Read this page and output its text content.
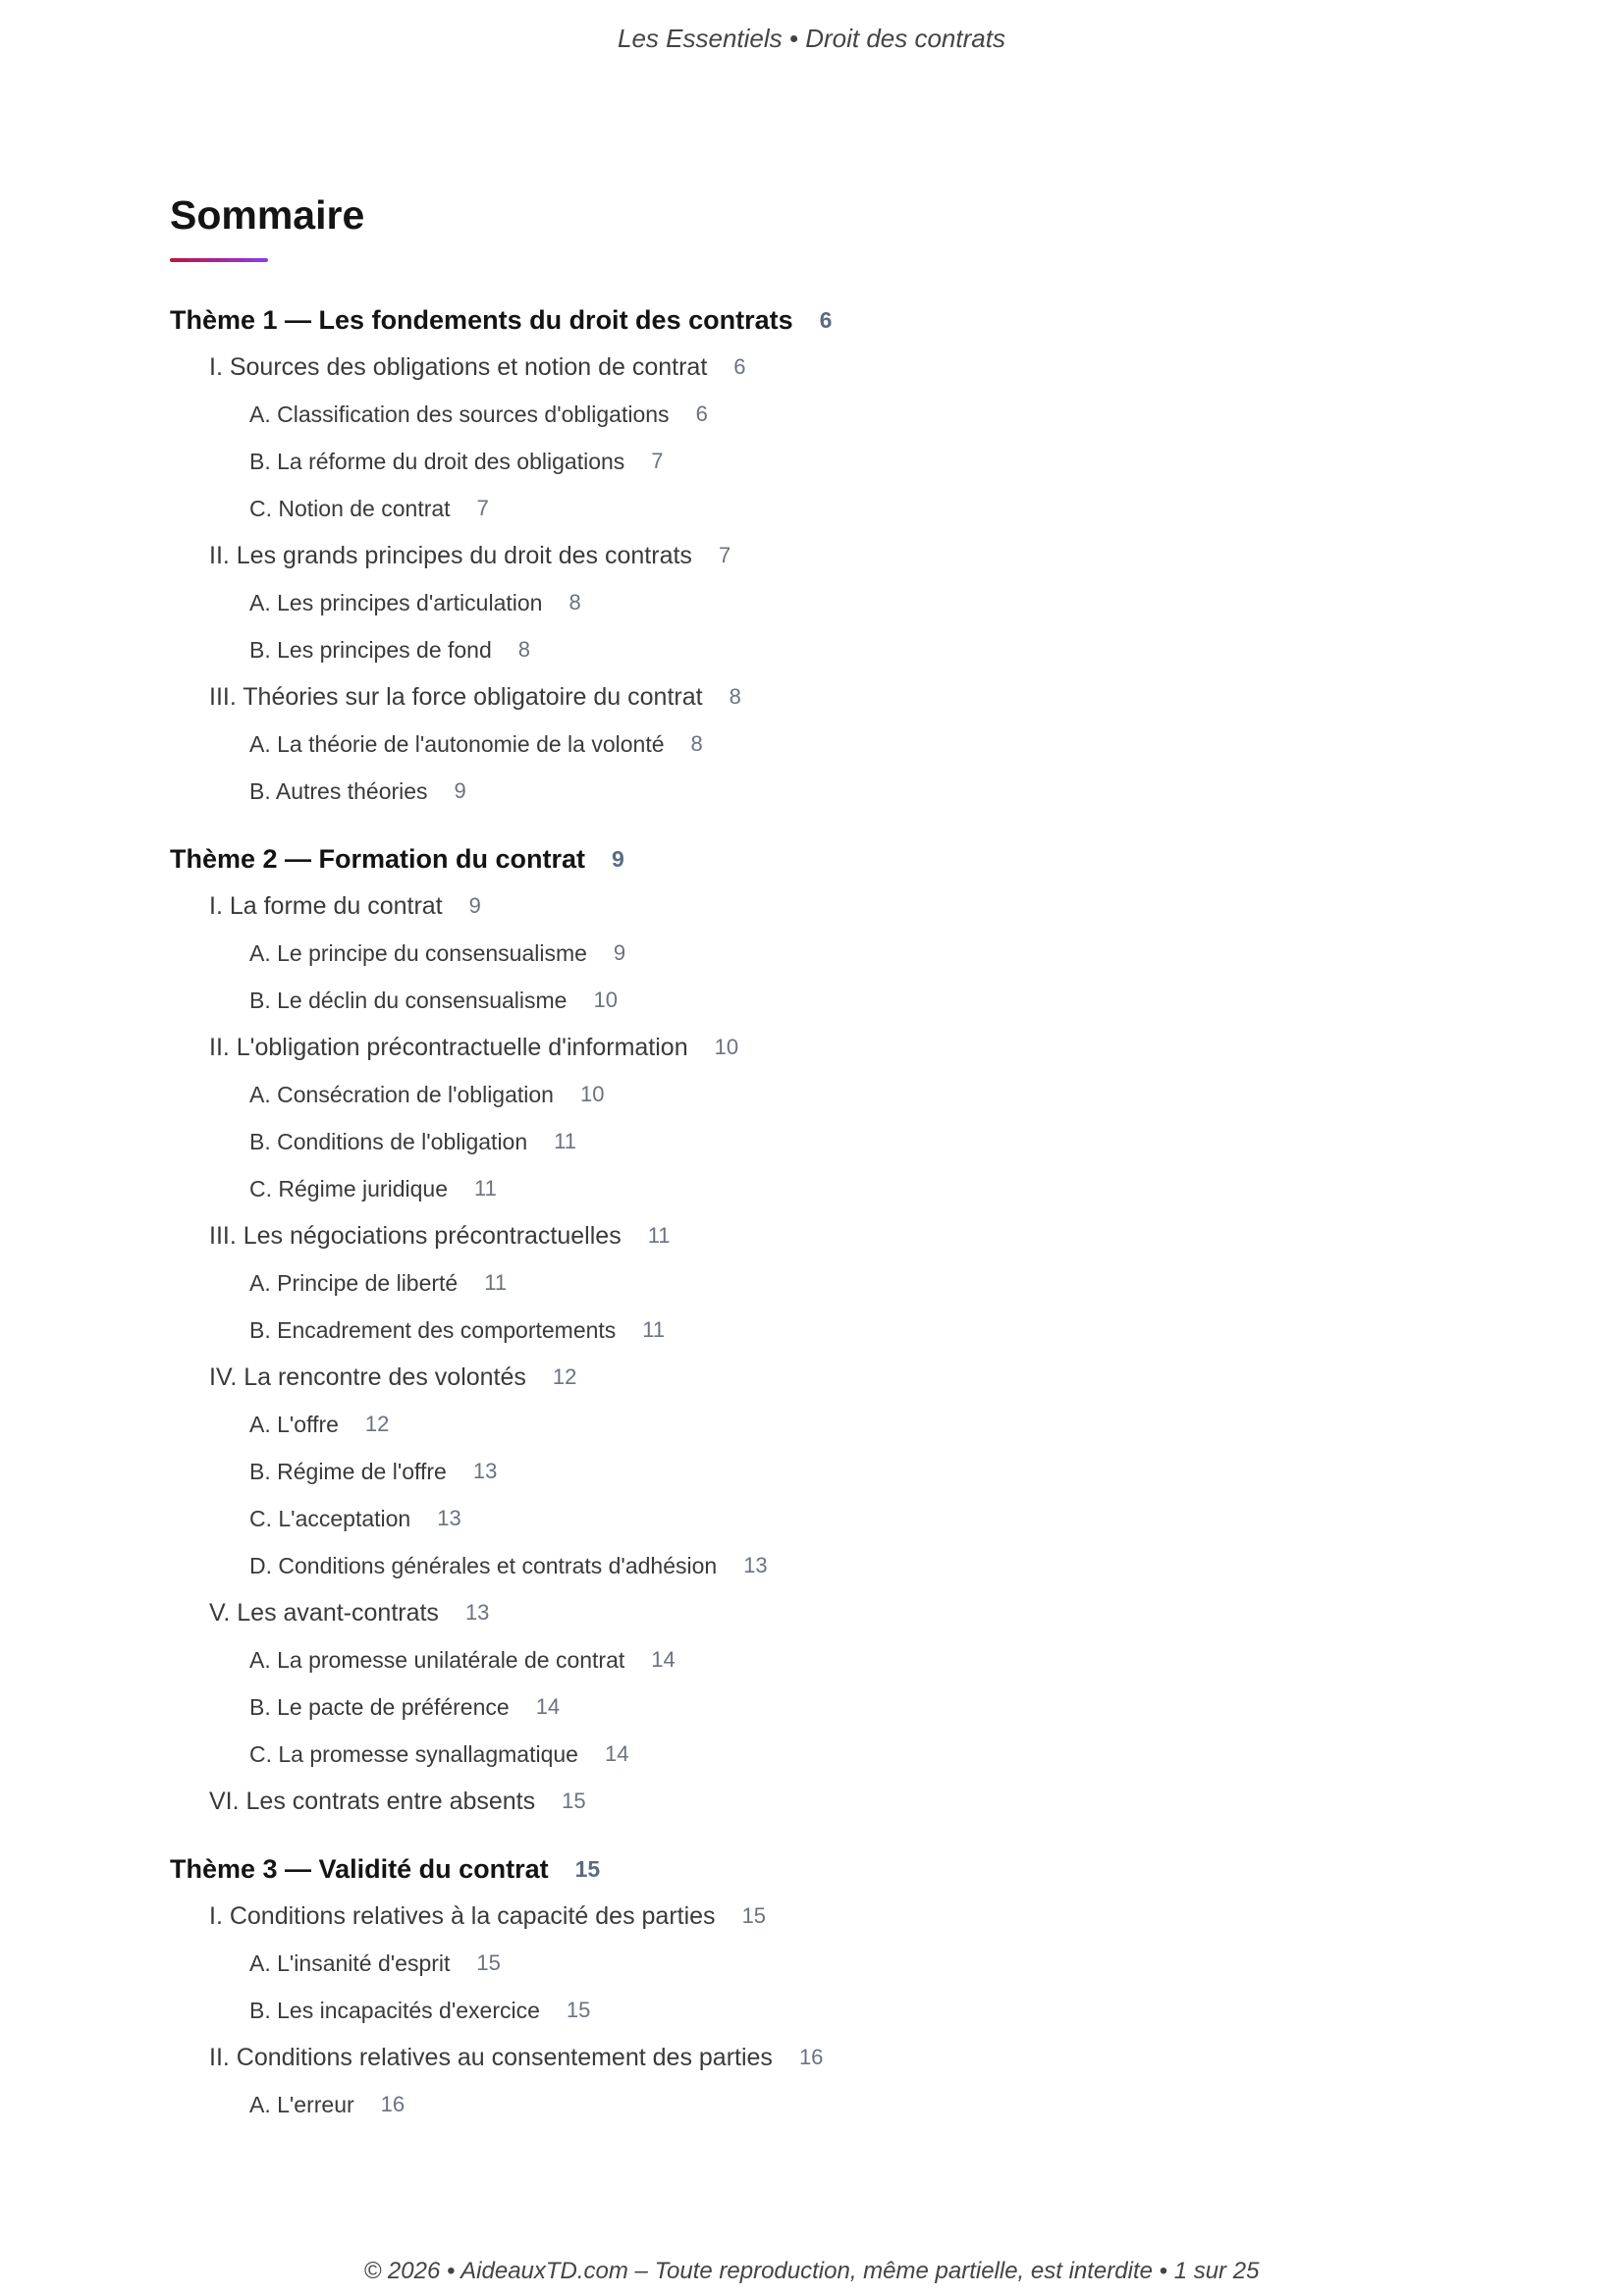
Les Essentiels • Droit des contrats
Sommaire
Thème 1 — Les fondements du droit des contrats 6
I. Sources des obligations et notion de contrat 6
A. Classification des sources d'obligations 6
B. La réforme du droit des obligations 7
C. Notion de contrat 7
II. Les grands principes du droit des contrats 7
A. Les principes d'articulation 8
B. Les principes de fond 8
III. Théories sur la force obligatoire du contrat 8
A. La théorie de l'autonomie de la volonté 8
B. Autres théories 9
Thème 2 — Formation du contrat 9
I. La forme du contrat 9
A. Le principe du consensualisme 9
B. Le déclin du consensualisme 10
II. L'obligation précontractuelle d'information 10
A. Consécration de l'obligation 10
B. Conditions de l'obligation 11
C. Régime juridique 11
III. Les négociations précontractuelles 11
A. Principe de liberté 11
B. Encadrement des comportements 11
IV. La rencontre des volontés 12
A. L'offre 12
B. Régime de l'offre 13
C. L'acceptation 13
D. Conditions générales et contrats d'adhésion 13
V. Les avant-contrats 13
A. La promesse unilatérale de contrat 14
B. Le pacte de préférence 14
C. La promesse synallagmatique 14
VI. Les contrats entre absents 15
Thème 3 — Validité du contrat 15
I. Conditions relatives à la capacité des parties 15
A. L'insanité d'esprit 15
B. Les incapacités d'exercice 15
II. Conditions relatives au consentement des parties 16
A. L'erreur 16
© 2026 • AideauxTD.com – Toute reproduction, même partielle, est interdite • 1 sur 25
